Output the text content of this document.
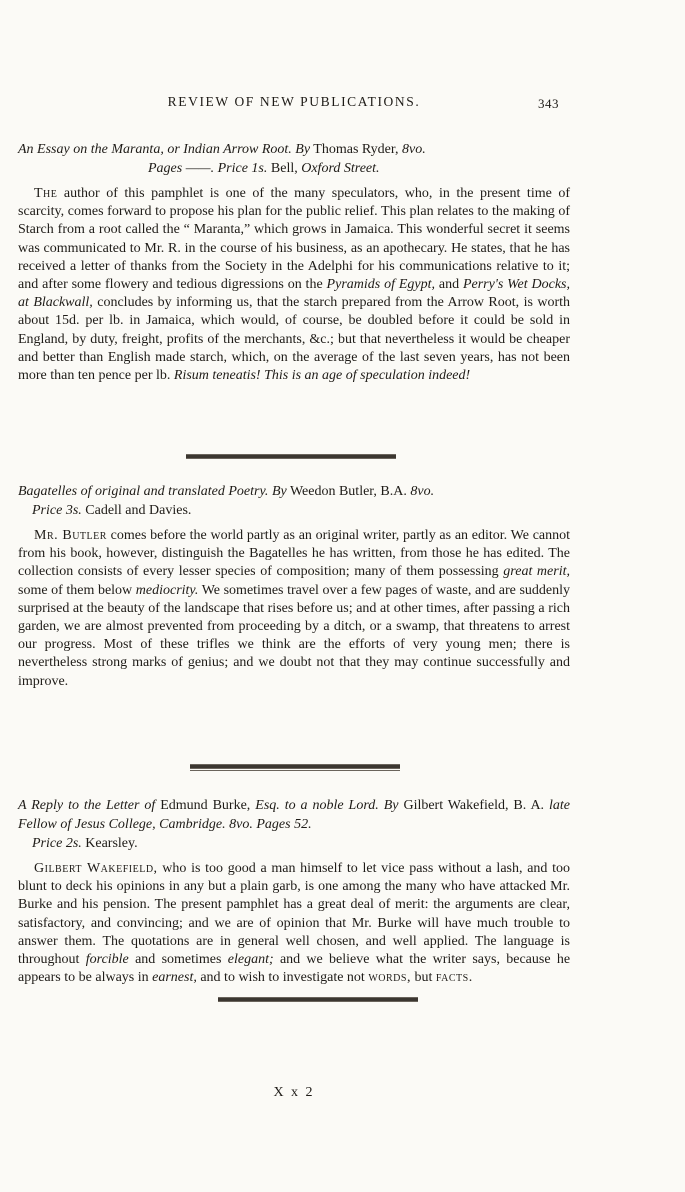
REVIEW OF NEW PUBLICATIONS.	343
An Essay on the Maranta, or Indian Arrow Root. By Thomas Ryder, 8vo.
Pages ——. Price 1s. Bell, Oxford Street.

The author of this pamphlet is one of the many speculators, who, in the present time of scarcity, comes forward to propose his plan for the public relief. This plan relates to the making of Starch from a root called the “ Maranta,” which grows in Jamaica. This wonderful secret it seems was communicated to Mr. R. in the course of his business, as an apothecary. He states, that he has received a letter of thanks from the Society in the Adelphi for his communications relative to it; and after some flowery and tedious digressions on the Pyramids of Egypt, and Perry's Wet Docks, at Blackwall, concludes by informing us, that the starch prepared from the Arrow Root, is worth about 15d. per lb. in Jamaica, which would, of course, be doubled before it could be sold in England, by duty, freight, profits of the merchants, &c.; but that nevertheless it would be cheaper and better than English made starch, which, on the average of the last seven years, has not been more than ten pence per lb. Risum teneatis! This is an age of speculation indeed!

Bagatelles of original and translated Poetry. By Weedon Butler, B.A. 8vo.
Price 3s. Cadell and Davies.

Mr. Butler comes before the world partly as an original writer, partly as an editor. We cannot from his book, however, distinguish the Bagatelles he has written, from those he has edited. The collection consists of every lesser species of composition; many of them possessing great merit, some of them below mediocrity. We sometimes travel over a few pages of waste, and are suddenly surprised at the beauty of the landscape that rises before us; and at other times, after passing a rich garden, we are almost prevented from proceeding by a ditch, or a swamp, that threatens to arrest our progress. Most of these trifles we think are the efforts of very young men; there is nevertheless strong marks of genius; and we doubt not that they may continue successfully and improve.

A Reply to the Letter of Edmund Burke, Esq. to a noble Lord. By Gilbert Wakefield, B. A. late Fellow of Jesus College, Cambridge. 8vo. Pages 52.
Price 2s. Kearsley.

Gilbert Wakefield, who is too good a man himself to let vice pass without a lash, and too blunt to deck his opinions in any but a plain garb, is one among the many who have attacked Mr. Burke and his pension. The present pamphlet has a great deal of merit: the arguments are clear, satisfactory, and convincing; and we are of opinion that Mr. Burke will have much trouble to answer them. The quotations are in general well chosen, and well applied. The language is throughout forcible and sometimes elegant; and we believe what the writer says, because he appears to be always in earnest, and to wish to investigate not words, but facts.

X x 2
